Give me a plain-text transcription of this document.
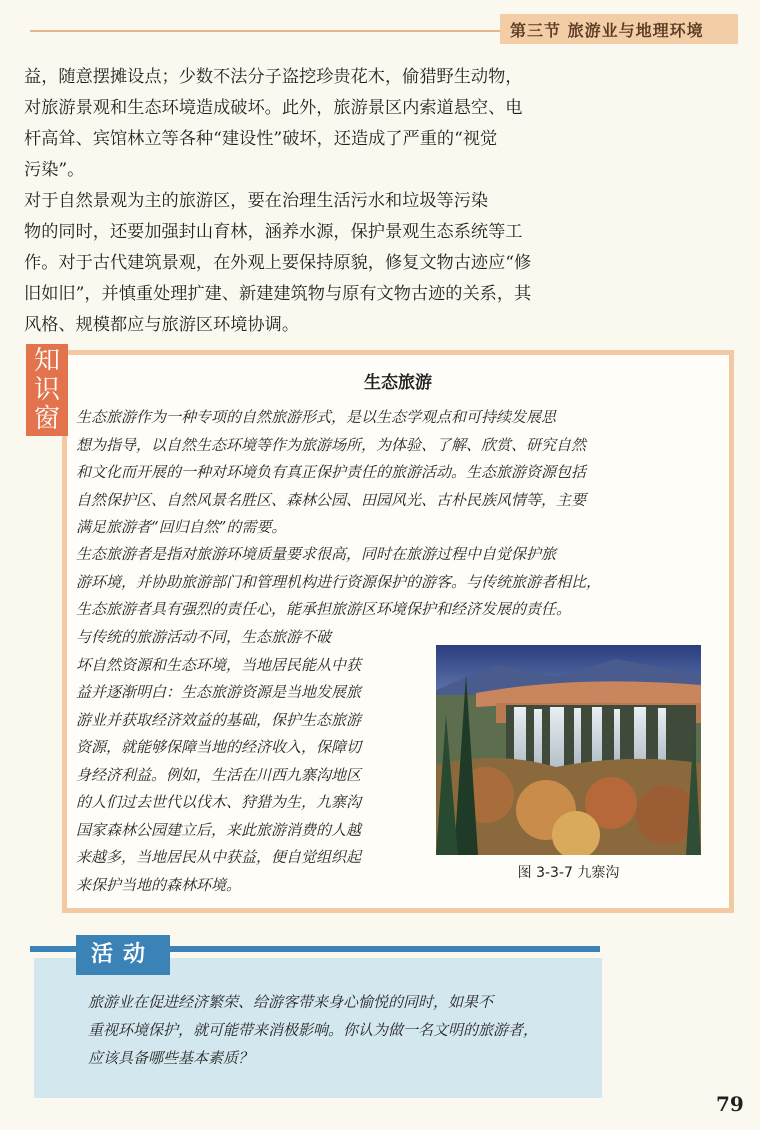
第三节 旅游业与地理环境

益，随意摆摊设点；少数不法分子盗挖珍贵花木，偷猎野生动物，
对旅游景观和生态环境造成破坏。此外，旅游景区内索道悬空、电
杆高耸、宾馆林立等各种“建设性”破坏，还造成了严重的“视觉
污染”。

对于自然景观为主的旅游区，要在治理生活污水和垃圾等污染
物的同时，还要加强封山育林，涵养水源，保护景观生态系统等工
作。对于古代建筑景观，在外观上要保持原貌，修复文物古迹应“修
旧如旧”，并慎重处理扩建、新建建筑物与原有文物古迹的关系，其
风格、规模都应与旅游区环境协调。

知
识
窗
生态旅游

生态旅游作为一种专项的自然旅游形式，是以生态学观点和可持续发展思
想为指导，以自然生态环境等作为旅游场所，为体验、了解、欣赏、研究自然
和文化而开展的一种对环境负有真正保护责任的旅游活动。生态旅游资源包括
自然保护区、自然风景名胜区、森林公园、田园风光、古朴民族风情等，主要
满足旅游者“回归自然”的需要。

生态旅游者是指对旅游环境质量要求很高，同时在旅游过程中自觉保护旅
游环境，并协助旅游部门和管理机构进行资源保护的游客。与传统旅游者相比，
生态旅游者具有强烈的责任心，能承担旅游区环境保护和经济发展的责任。

与传统的旅游活动不同，生态旅游不破
坏自然资源和生态环境，当地居民能从中获
益并逐渐明白：生态旅游资源是当地发展旅
游业并获取经济效益的基础，保护生态旅游
资源，就能够保障当地的经济收入，保障切
身经济利益。例如，生活在川西九寨沟地区
的人们过去世代以伐木、狩猎为生，九寨沟
国家森林公园建立后，来此旅游消费的人越
来越多，当地居民从中获益，便自觉组织起
来保护当地的森林环境。

图 3-3-7 九寨沟
活动

旅游业在促进经济繁荣、给游客带来身心愉悦的同时，如果不
重视环境保护，就可能带来消极影响。你认为做一名文明的旅游者，
应该具备哪些基本素质？

79
